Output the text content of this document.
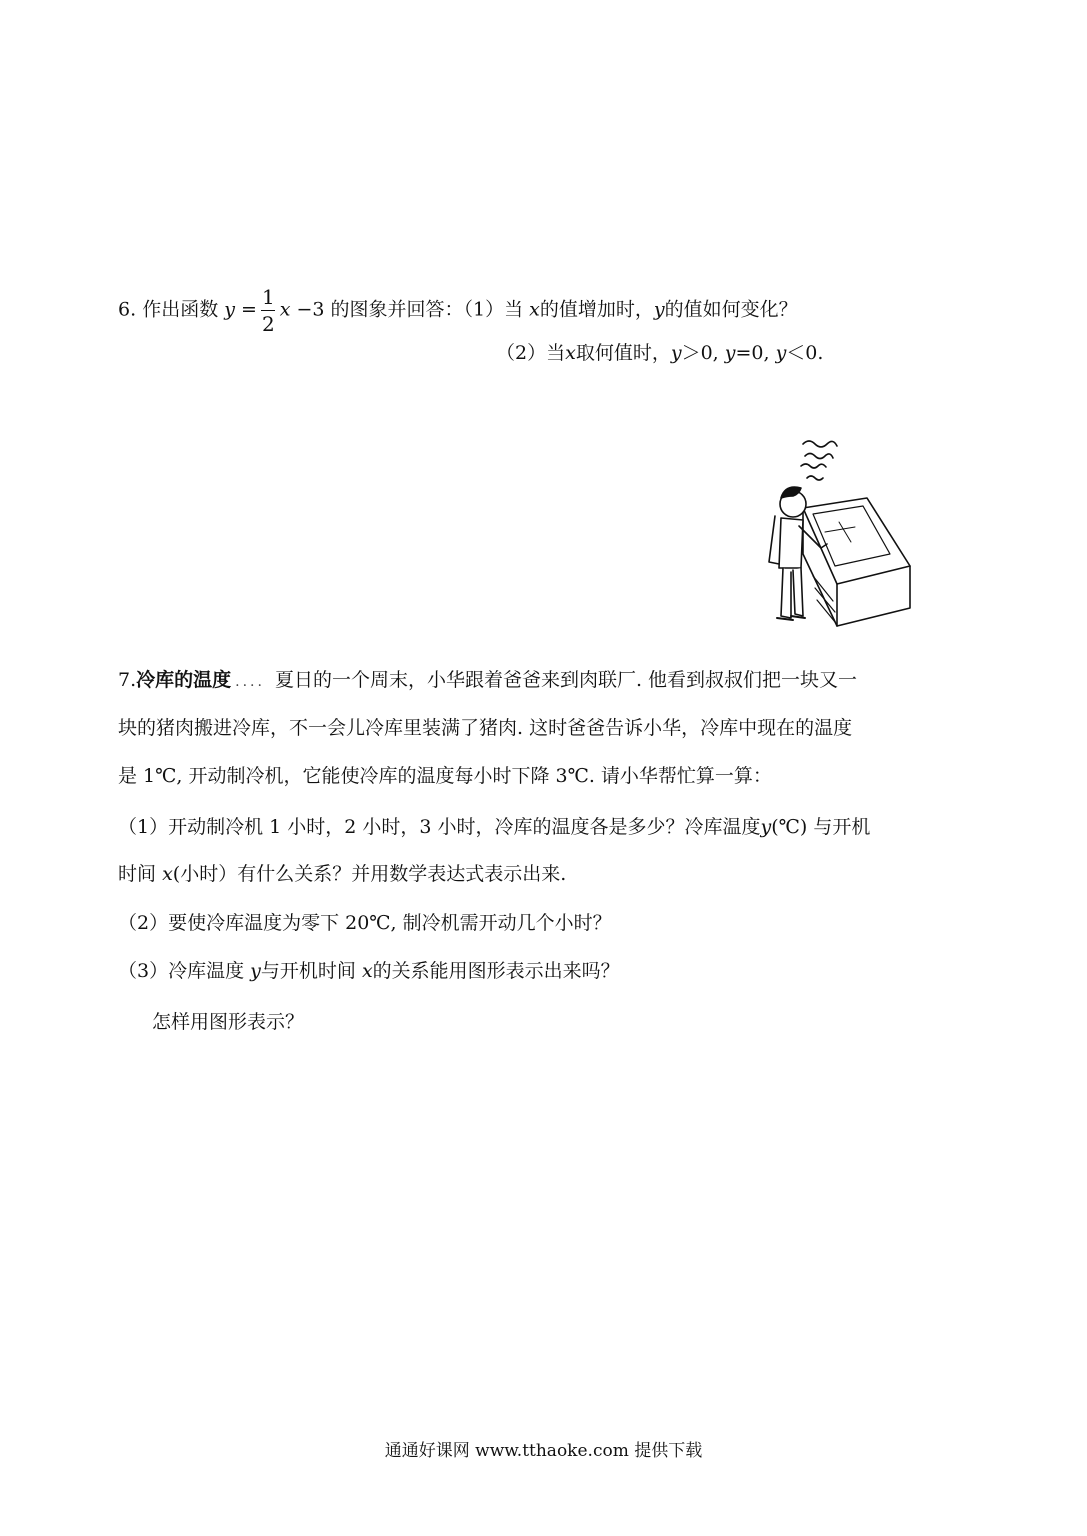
6. 作出函数 $y = \frac{1}{2}$ x −3 的图象并回答：（1）当 x的值增加时，y的值如何变化？
（2）当x取何值时，y＞0, y=0, y＜0.
7.冷库的温度 .... 夏日的一个周末，小华跟着爸爸来到肉联厂. 他看到叔叔们把一块又一
块的猪肉搬进冷库，不一会儿冷库里装满了猪肉. 这时爸爸告诉小华，冷库中现在的温度
是 1℃, 开动制冷机，它能使冷库的温度每小时下降 3℃. 请小华帮忙算一算：
（1）开动制冷机 1 小时，2 小时，3 小时，冷库的温度各是多少？冷库温度y(℃) 与开机
时间 x(小时）有什么关系？并用数学表达式表示出来.
（2）要使冷库温度为零下 20℃, 制冷机需开动几个小时？
（3）冷库温度 y与开机时间 x的关系能用图形表示出来吗？
怎样用图形表示？
通通好课网 www.tthaoke.com 提供下载
